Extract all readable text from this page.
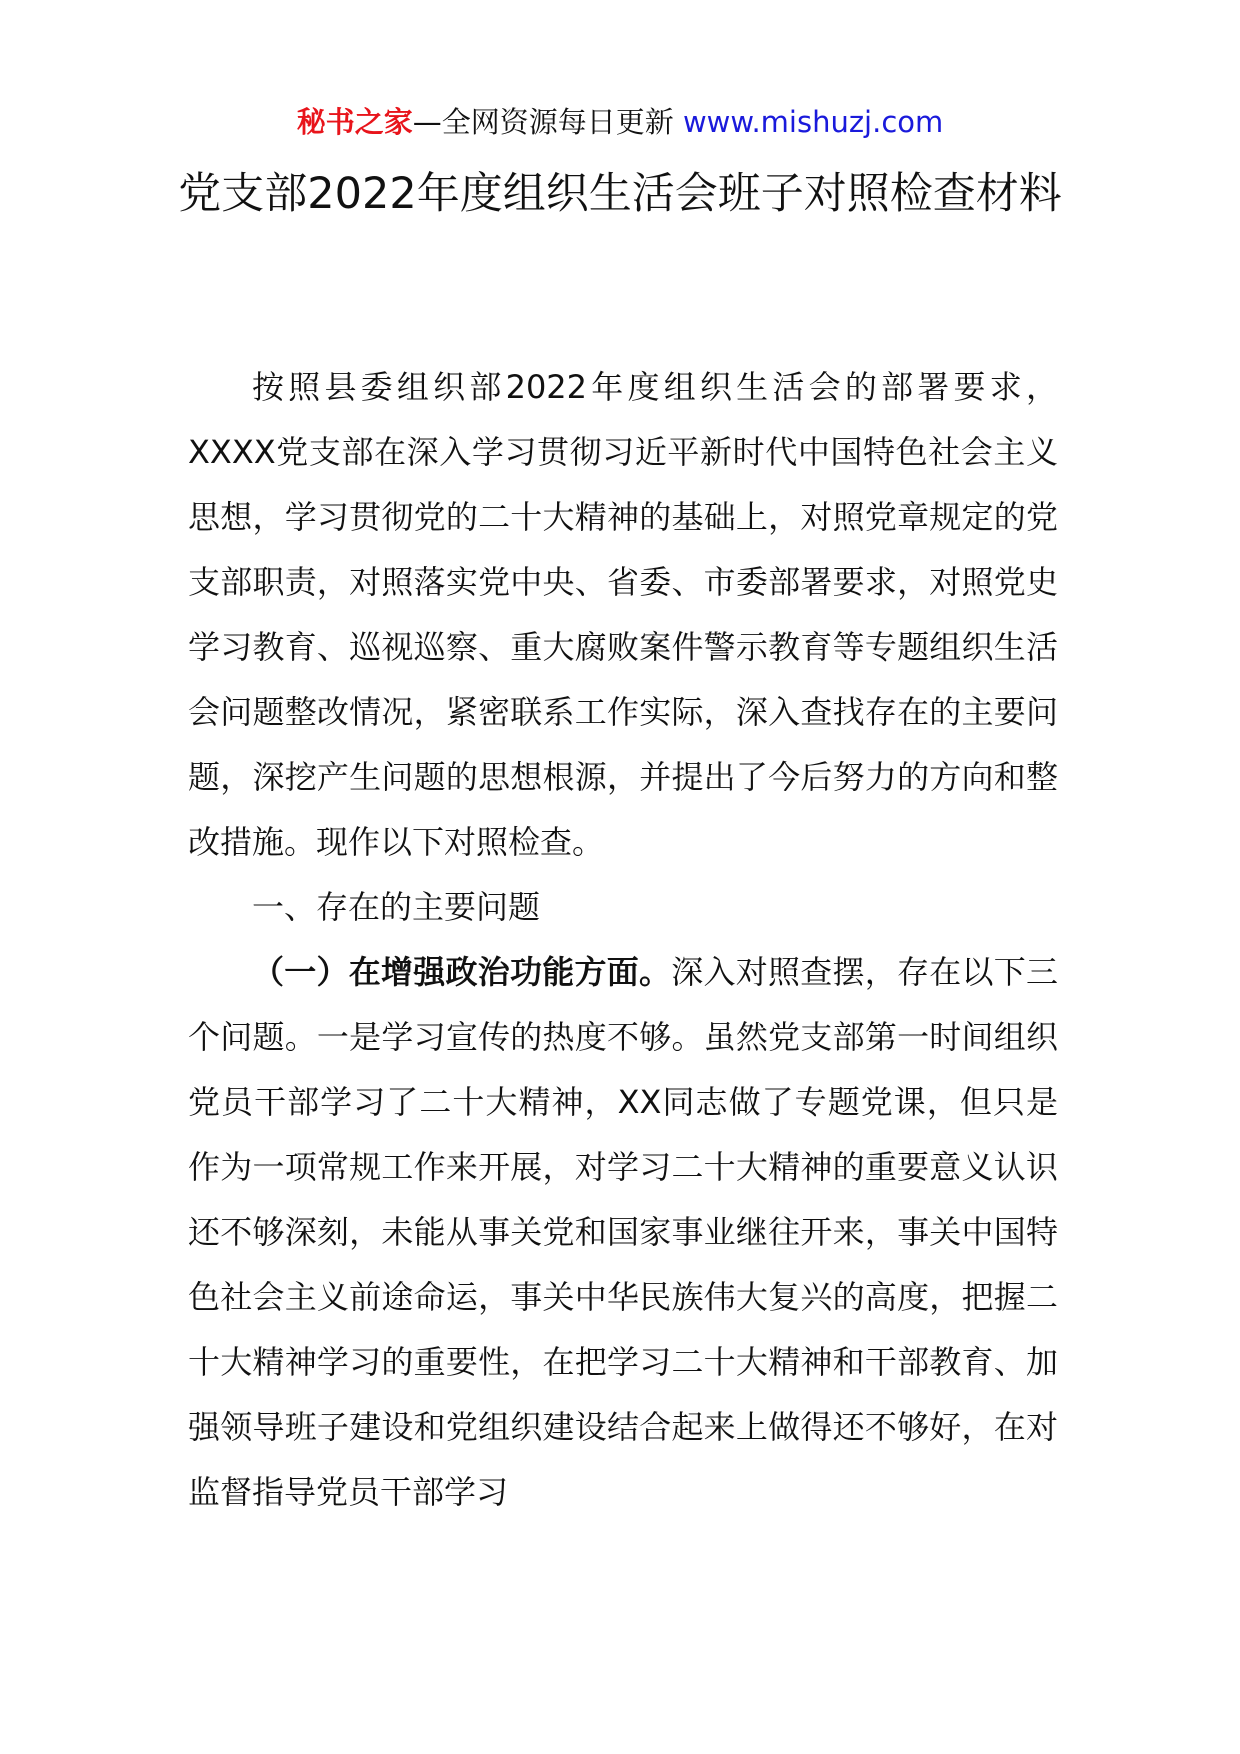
秘书之家—全网资源每日更新 www.mishuzj.com
党支部2022年度组织生活会班子对照检查材料

按照县委组织部2022年度组织生活会的部署要求，XXXX党支部在深入学习贯彻习近平新时代中国特色社会主义思想，学习贯彻党的二十大精神的基础上，对照党章规定的党支部职责，对照落实党中央、省委、市委部署要求，对照党史学习教育、巡视巡察、重大腐败案件警示教育等专题组织生活会问题整改情况，紧密联系工作实际，深入查找存在的主要问题，深挖产生问题的思想根源，并提出了今后努力的方向和整改措施。现作以下对照检查。

一、存在的主要问题

（一）在增强政治功能方面。深入对照查摆，存在以下三个问题。一是学习宣传的热度不够。虽然党支部第一时间组织党员干部学习了二十大精神，XX同志做了专题党课，但只是作为一项常规工作来开展，对学习二十大精神的重要意义认识还不够深刻，未能从事关党和国家事业继往开来，事关中国特色社会主义前途命运，事关中华民族伟大复兴的高度，把握二十大精神学习的重要性，在把学习二十大精神和干部教育、加强领导班子建设和党组织建设结合起来上做得还不够好，在对监督指导党员干部学习
